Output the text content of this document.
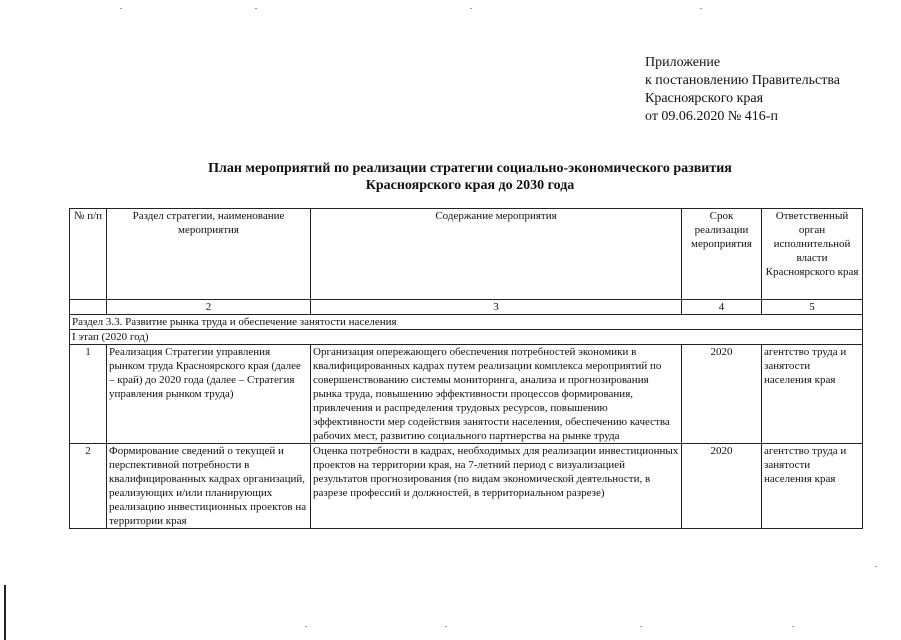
Приложение
к постановлению Правительства
Красноярского края
от 09.06.2020 № 416-п
План мероприятий по реализации стратегии социально-экономического развития
Красноярского края до 2030 года
№ п/п	Раздел стратегии, наименование мероприятия	Содержание мероприятия	Срок реализации мероприятия	Ответственный орган исполнительной власти Красноярского края
	2	3	4	5
Раздел 3.3. Развитие рынка труда и обеспечение занятости населения				
I этап (2020 год)				
1	Реализация Стратегии управления рынком труда Красноярского края (далее – край) до 2020 года (далее – Стратегия управления рынком труда)	Организация опережающего обеспечения потребностей экономики в квалифицированных кадрах путем реализации комплекса мероприятий по совершенствованию системы мониторинга, анализа и прогнозирования рынка труда, повышению эффективности процессов формирования, привлечения и распределения трудовых ресурсов, повышению эффективности мер содействия занятости населения, обеспечению качества рабочих мест, развитию социального партнерства на рынке труда	2020	агентство труда и занятости населения края
2	Формирование сведений о текущей и перспективной потребности в квалифицированных кадрах организаций, реализующих и/или планирующих реализацию инвестиционных проектов на территории края	Оценка потребности в кадрах, необходимых для реализации инвестиционных проектов на территории края, на 7-летний период с визуализацией результатов прогнозирования (по видам экономической деятельности, в разрезе профессий и должностей, в территориальном разрезе)	2020	агентство труда и занятости населения края
